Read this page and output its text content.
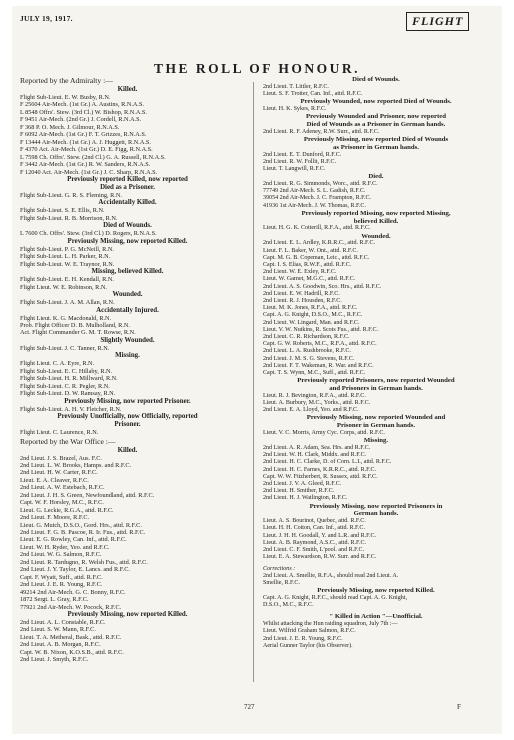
JULY 19, 1917.	FLIGHT
THE ROLL OF HONOUR.
Reported by the Admiralty :—
Killed.
Flight Sub-Lieut. E. W. Busby, R.N.
F 25604 Air-Mech. (1st Gr.) A. Austins, R.N.A.S.
L 8548 Offrs'. Stew. (3rd Cl.) W. Bishop, R.N.A.S.
F 9451 Air-Mech. (2nd Gr.) J. Cordell, R.N.A.S.
F 368 P. O. Mech. J. Gilmour, R.N.A.S.
F 6092 Air-Mech. (1st Gr.) F. T. Grizzes, R.N.A.S.
F 13444 Air-Mech. (1st Gr.) A. J. Huggett, R.N.A.S.
F 4370 Act. Air-Mech. (1st Gr.) D. E. Figg, R.N.A.S.
L 7598 Ch. Offrs'. Stew. (2nd Cl.) G. A. Russell, R.N.A.S.
F 3442 Air-Mech. (1st Gr.) R. W. Sanders, R.N.A.S.
F 12040 Act. Air-Mech. (1st Gr.) J. C. Sharp, R.N.A.S.
Previously reported Killed, now reported
Died as a Prisoner.
Flight Sub-Lieut. G. R. S. Fleming, R.N.
Accidentally Killed.
Flight Sub-Lieut. S. E. Ellis, R.N.
Flight Sub-Lieut. R. B. Morrison, R.N.
Died of Wounds.
L 7600 Ch. Offrs'. Stew. (3rd Cl.) D. Rogers, R.N.A.S.
Previously Missing, now reported Killed.
Flight Sub-Lieut. P. G. McNeill, R.N.
Flight Sub-Lieut. L. H. Parker, R.N.
Flight Sub-Lieut. W. E. Traynor, R.N.
Missing, believed Killed.
Flight Sub-Lieut. E. H. Kendall, R.N.
Flight Lieut. W. E. Robinson, R.N.
Wounded.
Flight Sub-Lieut. J. A. M. Allan, R.N.
Accidentally Injured.
Flight Lieut. K. G. Macdonald, R.N.
Prob. Flight Officer D. B. Mulholland, R.N.
Act. Flight Commander G. M. T. Rowse, R.N.
Slightly Wounded.
Flight Sub-Lieut. J. C. Tanner, R.N.
Missing.
Flight Lieut. C. A. Eyre, R.N.
Flight Sub-Lieut. E. C. Hillaby, R.N.
Flight Sub-Lieut. H. R. Millward, R.N.
Flight Sub-Lieut. C. R. Pegler, R.N.
Flight Sub-Lieut. D. W. Ramsay, R.N.
Previously Missing, now reported Prisoner.
Flight Sub-Lieut. A. H. V. Fletcher, R.N.
Previously Unofficially, now Officially, reported
Prisoner.
Flight Lieut. C. Laurence, R.N.
Reported by the War Office :—
Killed.
2nd Lieut. J. S. Brazel, Aus. F.C.
2nd Lieut. L. W. Brooks, Hamps. and R.F.C.
2nd Lieut. H. W. Carter, R.F.C.
Lieut. E. A. Cleaver, R.F.C.
2nd Lieut. A. W. Estebach, R.F.C.
2nd Lieut. J. H. S. Green, Newfoundland, attd. R.F.C.
Capt. W. F. Horsley, M.C., R.F.C.
Lieut. G. Leckie, R.G.A., attd. R.F.C.
2nd Lieut. F. Moore, R.F.C.
Lieut. G. Mutch, D.S.O., Gord. Hrs., attd. R.F.C.
2nd Lieut. F. G. B. Pascoe, R. Ir. Fus., attd. R.F.C.
Lieut. E. G. Rowley, Can. Inf., attd. R.F.C.
Lieut. W. H. Ryder, Yeo. and R.F.C.
2nd Lieut. W. G. Salmon, R.F.C.
2nd Lieut. R. Tardugno, R. Welsh Fus., attd. R.F.C.
2nd Lieut. J. Y. Taylor, E. Lancs. and R.F.C.
Capt. F. Wyatt, Suff., attd. R.F.C.
2nd Lieut. J. E. R. Young, R.F.C.
49214 2nd Air-Mech. G. C. Bonny, R.F.C.
1872 Sergt. L. Gray, R.F.C.
77921 2nd Air-Mech. W. Pocock, R.F.C.
Previously Missing, now reported Killed.
2nd Lieut. A. L. Constable, R.F.C.
2nd Lieut. S. W. Mann, R.F.C.
Lieut. T. A. Metheral, Bask., attd. R.F.C.
2nd Lieut. A. B. Morgan, R.F.C.
Capt. W. B. Nixon, K.O.S.B., attd. R.F.C.
2nd Lieut. J. Smyth, R.F.C.
Died of Wounds.
2nd Lieut. T. Littler, R.F.C.
Lieut. S. F. Trotter, Can. Inf., attd. R.F.C.
Previously Wounded, now reported Died of Wounds.
Lieut. H. K. Sykes, R.F.C.
Previously Wounded and Prisoner, now reported
Died of Wounds as a Prisoner in German hands.
2nd Lieut. R. F. Adeney, R.W. Surr., attd. R.F.C.
Previously Missing, now reported Died of Wounds
as Prisoner in German hands.
2nd Lieut. E. T. Dunford, R.F.C.
2nd Lieut. R. W. Follit, R.F.C.
Lieut. T. Langwill, R.F.C.
Died.
2nd Lieut. R. G. Simmonds, Worc., attd. R.F.C.
77749 2nd Air-Mech. S. L. Gadish, R.F.C.
39054 2nd Air-Mech. J. C. Frampton, R.F.C.
41936 1st Air-Mech. J. W. Thomas, R.F.C.
Previously reported Missing, now reported Missing,
believed Killed.
Lieut. H. G. K. Cotterill, R.F.A., attd. R.F.C.
Wounded.
2nd Lieut. E. L. Ardley, K.R.R.C., attd. R.F.C.
Lieut. F. L. Baker, W. Ont., attd. R.F.C.
Capt. M. G. B. Copeman, Leic., attd. R.F.C.
Capt. I. S. Elias, R.W.F., attd. R.F.C.
2nd Lieut. W. E. Exley, R.F.C.
Lieut. W. Garnet, M.G.C., attd. R.F.C.
2nd Lieut. A. S. Goodwin, Sco. Hrs., attd. R.F.C.
2nd Lieut. E. W. Hadrill, R.F.C.
2nd Lieut. R. J. Housden, R.F.C.
Lieut. M. K. Jones, R.F.A., attd. R.F.C.
Capt. A. G. Knight, D.S.O., M.C., R.F.C.
2nd Lieut. W. Lingard, Man. and R.F.C.
Lieut. V. W. Nutkins, R. Scots Fus., attd. R.F.C.
2nd Lieut. C. R. Richardson, R.F.C.
Capt. G. W. Roberts, M.C., R.F.A., attd. R.F.C.
2nd Lieut. L. A. Rushbrooke, R.F.C.
2nd Lieut. J. M. S. G. Stevens, R.F.C.
2nd Lieut. F. T. Wakeman, R. War. and R.F.C.
Capt. T. S. Wynn, M.C., Suff., attd. R.F.C.
Previously reported Prisoners, now reported Wounded
and Prisoners in German hands.
Lieut. R. J. Bevington, R.F.A., attd. R.F.C.
Lieut. A. Burbury, M.C., Yorks., attd. R.F.C.
2nd Lieut. E. A. Lloyd, Yeo. and R.F.C.
Previously Missing, now reported Wounded and
Prisoner in German hands.
Lieut. V. C. Morris, Army Cyc. Corps, attd. R.F.C.
Missing.
2nd Lieut. A. R. Adam, Sea. Hrs. and R.F.C.
2nd Lieut. W. H. Clark, Middx. and R.F.C.
2nd Lieut. H. C. Clarke, D. of Corn. L.I., attd. R.F.C.
2nd Lieut. H. C. Farnes, K.R.R.C., attd. R.F.C.
Capt. W. W. Fitzherbert, R. Sussex, attd. R.F.C.
2nd Lieut. J. V. A. Gleed, R.F.C.
2nd Lieut. H. Smither, R.F.C.
2nd Lieut. H. J. Watlington, R.F.C.
Previously Missing, now reported Prisoners in
German hands.
Lieut. A. S. Bourinot, Quebec, attd. R.F.C.
Lieut. H. H. Cotton, Can. Inf., attd. R.F.C.
Lieut. J. H. H. Goodall, Y. and L.R. and R.F.C.
Lieut. A. B. Raymond, A.S.C., attd. R.F.C.
2nd Lieut. C. F. Smith, L'pool. and R.F.C.
Lieut. E. A. Stewardson, R.W. Surr. and R.F.C.
Corrections :
2nd Lieut. A. Smellie, R.F.A., should read 2nd Lieut. A.
Smellie, R.F.C.
Previously Missing, now reported Killed.
Capt. A. G. Knight, R.F.C., should read Capt. A. G. Knight,
D.S.O., M.C., R.F.C.
" Killed in Action "—Unofficial.
Whilst attacking the Hun raiding squadron, July 7th :—
Lieut. Wilfrid Graham Salmon, R.F.C.
2nd Lieut. J. E. R. Young, R.F.C.
Aerial Gunner Taylor (his Observer).
727	F
